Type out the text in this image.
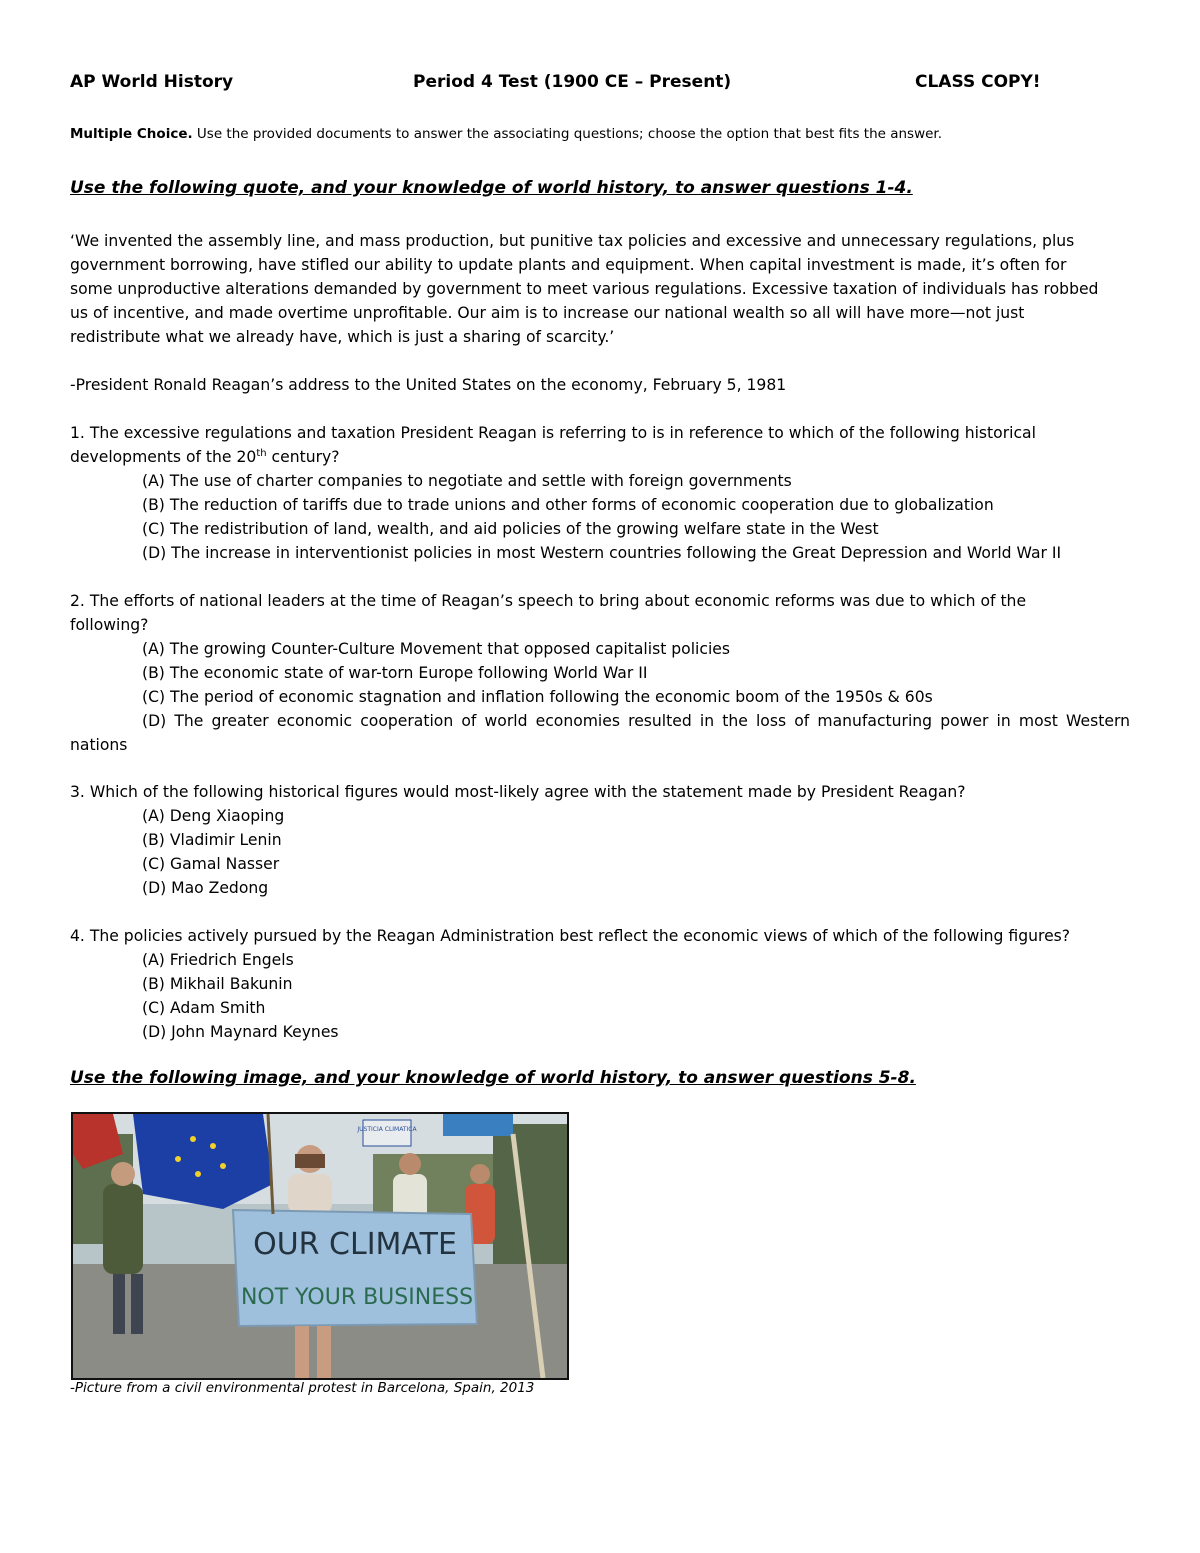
AP World History	Period 4 Test (1900 CE – Present)	CLASS COPY!
Multiple Choice. Use the provided documents to answer the associating questions; choose the option that best fits the answer.
Use the following quote, and your knowledge of world history, to answer questions 1-4.
‘We invented the assembly line, and mass production, but punitive tax policies and excessive and unnecessary regulations, plus
government borrowing, have stifled our ability to update plants and equipment. When capital investment is made, it’s often for
some unproductive alterations demanded by government to meet various regulations. Excessive taxation of individuals has robbed
us of incentive, and made overtime unprofitable. Our aim is to increase our national wealth so all will have more—not just
redistribute what we already have, which is just a sharing of scarcity.’
-President Ronald Reagan’s address to the United States on the economy, February 5, 1981
1. The excessive regulations and taxation President Reagan is referring to is in reference to which of the following historical
developments of the 20th century?
(A) The use of charter companies to negotiate and settle with foreign governments
(B) The reduction of tariffs due to trade unions and other forms of economic cooperation due to globalization
(C) The redistribution of land, wealth, and aid policies of the growing welfare state in the West
(D) The increase in interventionist policies in most Western countries following the Great Depression and World War II
2. The efforts of national leaders at the time of Reagan’s speech to bring about economic reforms was due to which of the
following?
(A) The growing Counter-Culture Movement that opposed capitalist policies
(B) The economic state of war-torn Europe following World War II
(C) The period of economic stagnation and inflation following the economic boom of the 1950s & 60s
(D) The greater economic cooperation of world economies resulted in the loss of manufacturing power in most Western
nations
3. Which of the following historical figures would most-likely agree with the statement made by President Reagan?
(A) Deng Xiaoping
(B) Vladimir Lenin
(C) Gamal Nasser
(D) Mao Zedong
4. The policies actively pursued by the Reagan Administration best reflect the economic views of which of the following figures?
(A) Friedrich Engels
(B) Mikhail Bakunin
(C) Adam Smith
(D) John Maynard Keynes
Use the following image, and your knowledge of world history, to answer questions 5-8.
JUSTICIA CLIMATICA
OUR CLIMATE
NOT YOUR BUSINESS
-Picture from a civil environmental protest in Barcelona, Spain, 2013
